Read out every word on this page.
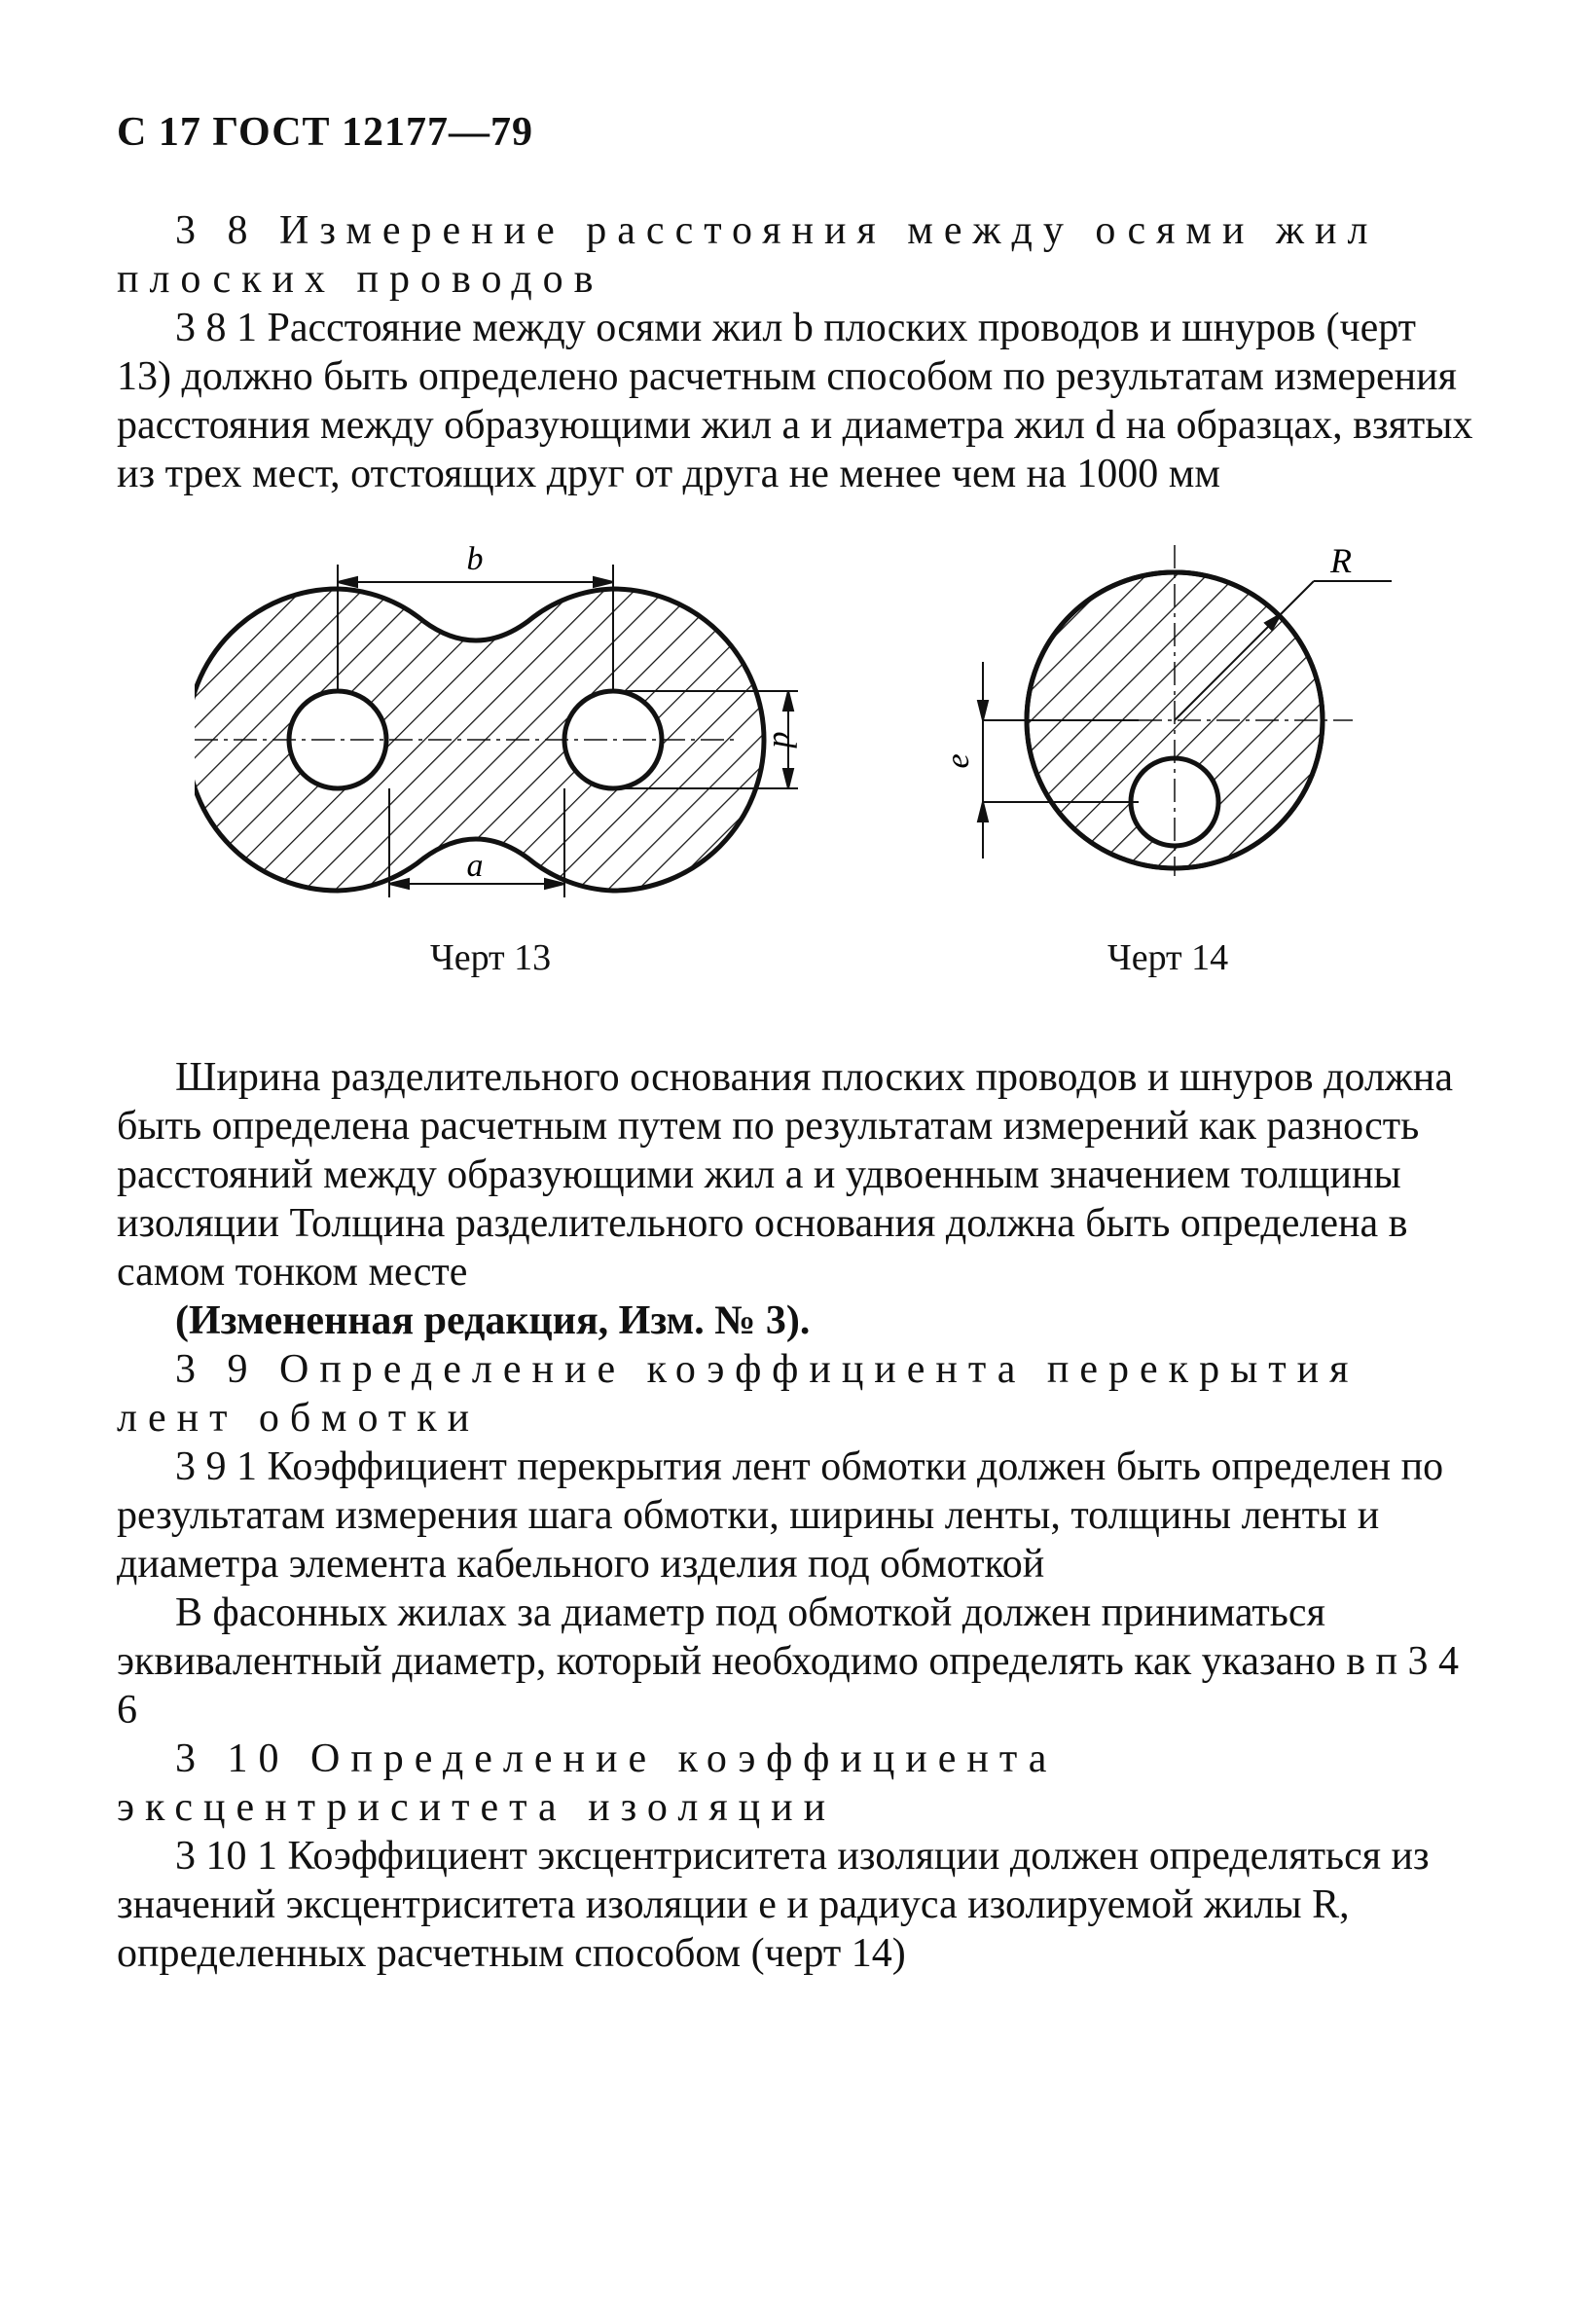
С 17 ГОСТ 12177—79

3 8 Измерение расстояния между осями жил плоских проводов

3 8 1 Расстояние между осями жил b плоских проводов и шнуров (черт 13) должно быть определено расчетным способом по результатам измерения расстояния между образующими жил a и диаметра жил d на образцах, взятых из трех мест, отстоящих друг от друга не менее чем на 1000 мм

b
a
d
R
e
Черт 13	Черт 14

Ширина разделительного основания плоских проводов и шнуров должна быть определена расчетным путем по результатам измерений как разность расстояний между образующими жил a и удвоенным значением толщины изоляции Толщина разделительного основания должна быть определена в самом тонком месте

(Измененная редакция, Изм. № 3).

3 9 Определение коэффициента перекрытия лент обмотки

3 9 1 Коэффициент перекрытия лент обмотки должен быть определен по результатам измерения шага обмотки, ширины ленты, толщины ленты и диаметра элемента кабельного изделия под обмоткой

В фасонных жилах за диаметр под обмоткой должен приниматься эквивалентный диаметр, который необходимо определять как указано в п 3 4 6

3 10 Определение коэффициента эксцентриситета изоляции

3 10 1 Коэффициент эксцентриситета изоляции должен определяться из значений эксцентриситета изоляции e и радиуса изолируемой жилы R, определенных расчетным способом (черт 14)
